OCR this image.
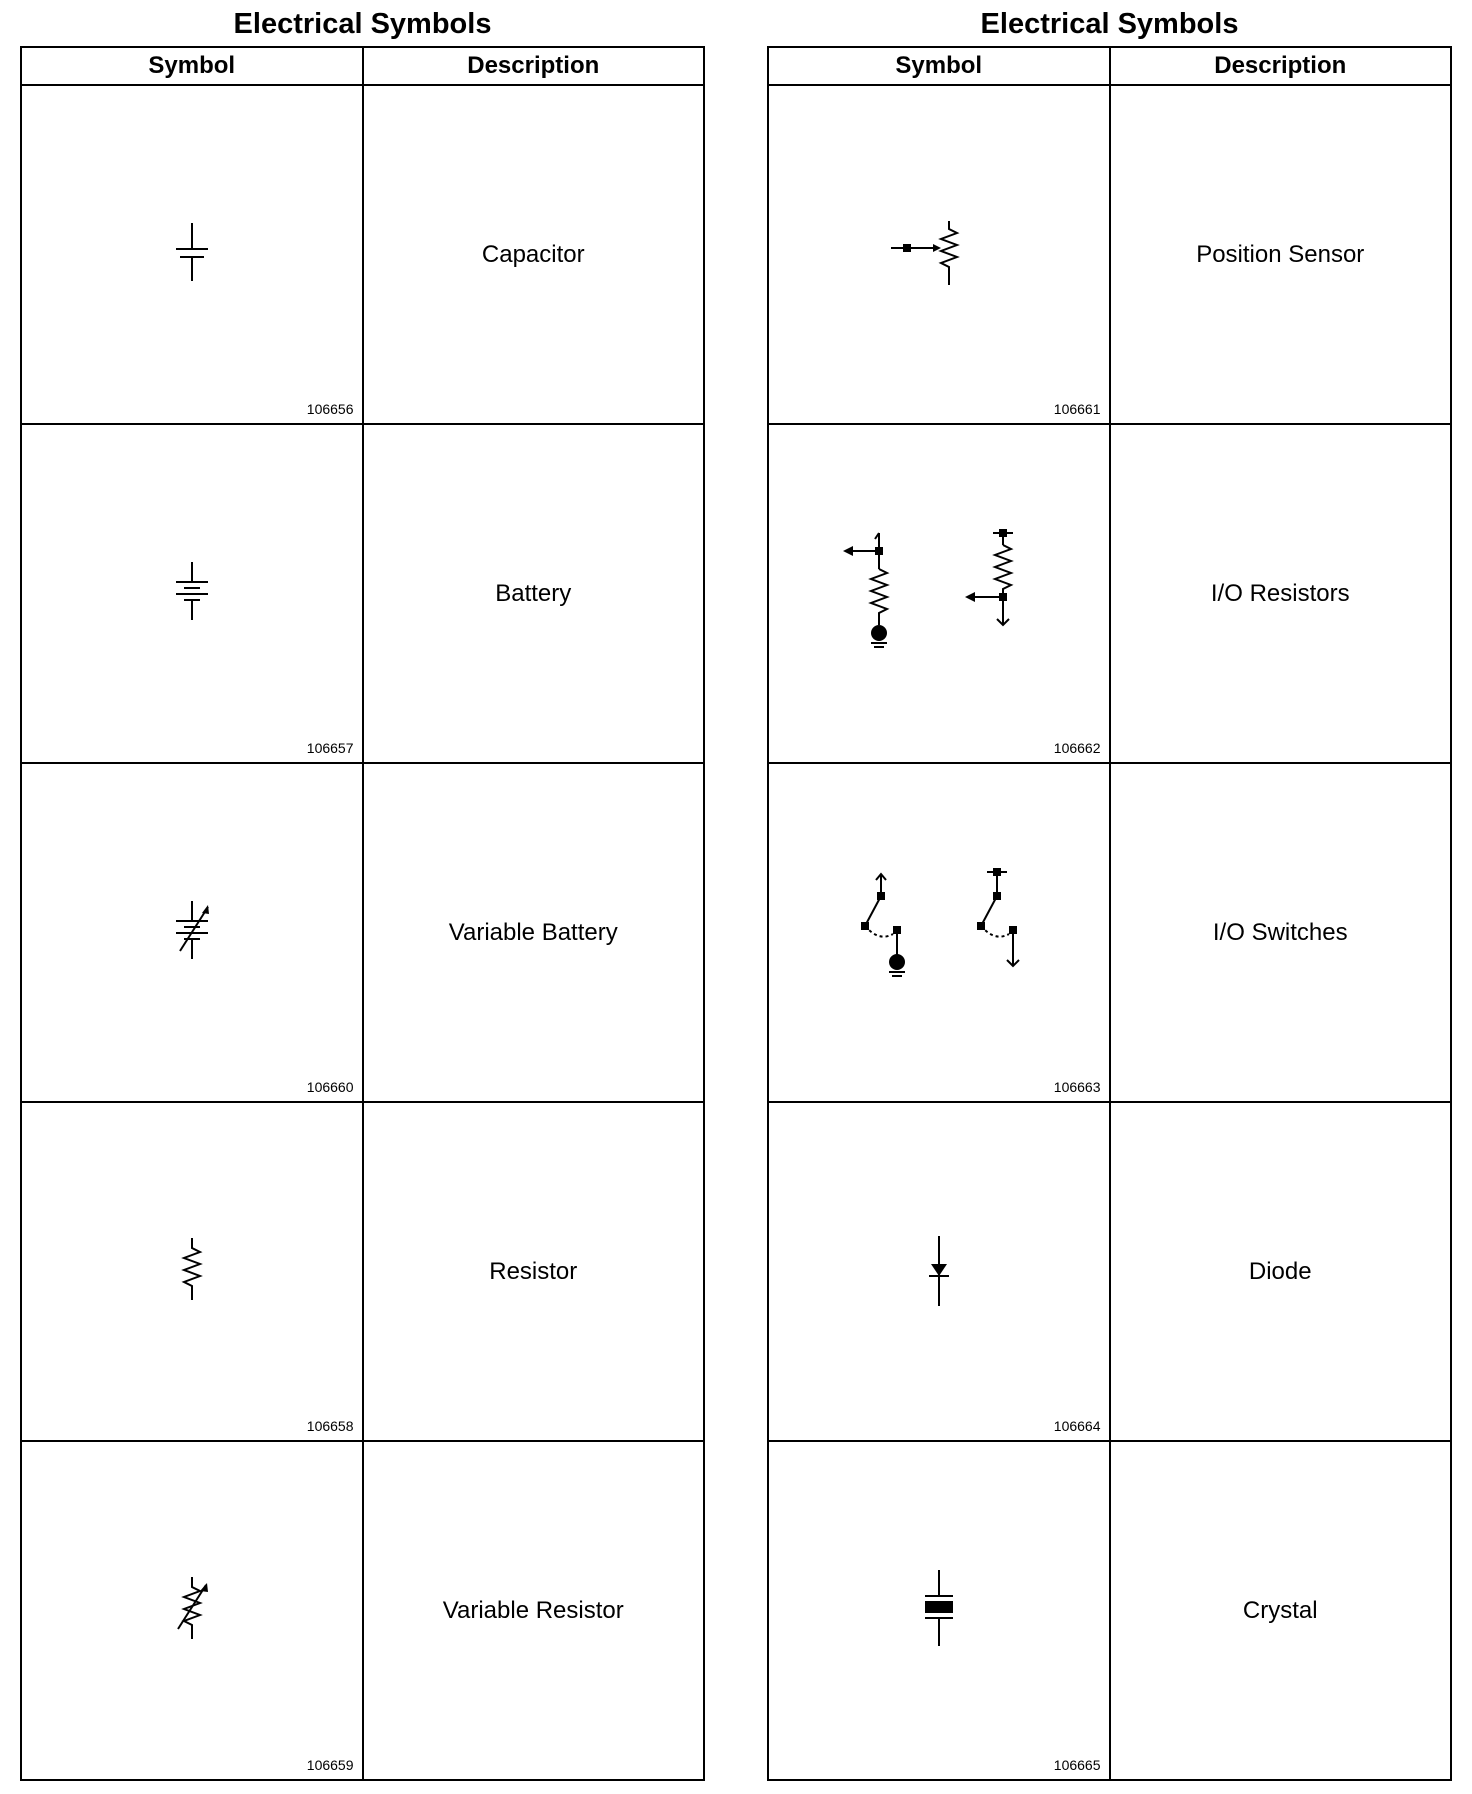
Electrical Symbols
Symbol	Description

106656	Capacitor

106657	Battery

106660	Variable Battery

106658	Resistor

106659	Variable Resistor
Electrical Symbols
Symbol	Description

106661	Position Sensor

106662	I/O Resistors

106663	I/O Switches

106664	Diode

106665	Crystal
